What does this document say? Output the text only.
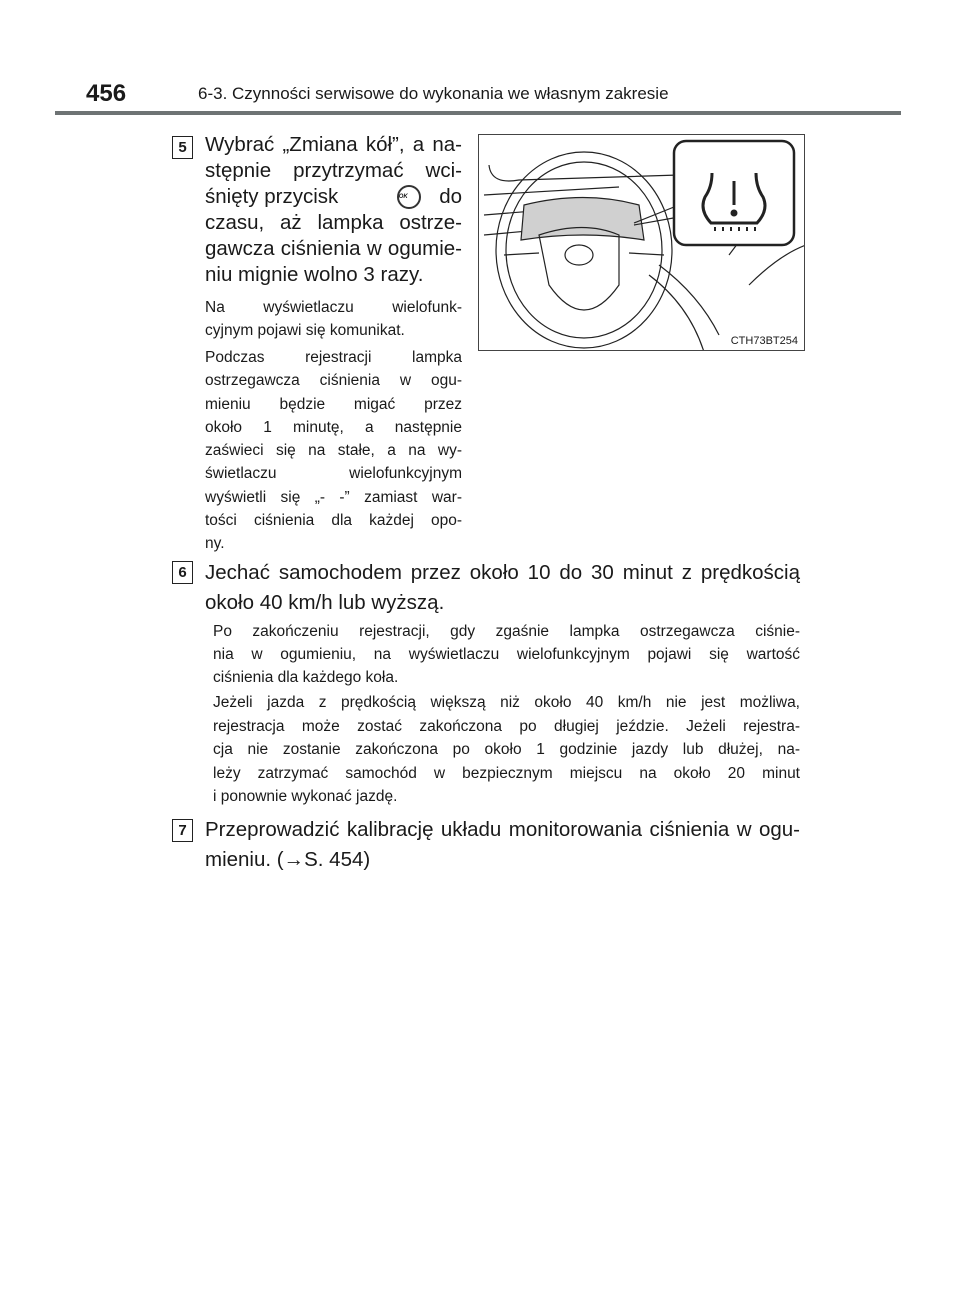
456	6-3. Czynności serwisowe do wykonania we własnym zakresie
5 Wybrać „Zmiana kół”, a na-
stępnie przytrzymać wci-
śnięty przycisk	OK	do
czasu, aż lampka ostrze-
gawcza ciśnienia w ogumie-
niu mignie wolno 3 razy.
Na wyświetlaczu wielofunk-
cyjnym pojawi się komunikat.
Podczas rejestracji lampka
ostrzegawcza ciśnienia w ogu-
mieniu będzie migać przez
około 1 minutę, a następnie
zaświeci się na stałe, a na wy-
świetlaczu wielofunkcyjnym
wyświetli się „- -” zamiast war-
tości ciśnienia dla każdej opo-
ny.
CTH73BT254
6 Jechać samochodem przez około 10 do 30 minut z prędkością
około 40 km/h lub wyższą.
Po zakończeniu rejestracji, gdy zgaśnie lampka ostrzegawcza ciśnie-
nia w ogumieniu, na wyświetlaczu wielofunkcyjnym pojawi się wartość
ciśnienia dla każdego koła.
Jeżeli jazda z prędkością większą niż około 40 km/h nie jest możliwa,
rejestracja może zostać zakończona po długiej jeździe. Jeżeli rejestra-
cja nie zostanie zakończona po około 1 godzinie jazdy lub dłużej, na-
leży zatrzymać samochód w bezpiecznym miejscu na około 20 minut
i ponownie wykonać jazdę.
7 Przeprowadzić kalibrację układu monitorowania ciśnienia w ogu-
mieniu. (→S. 454)
